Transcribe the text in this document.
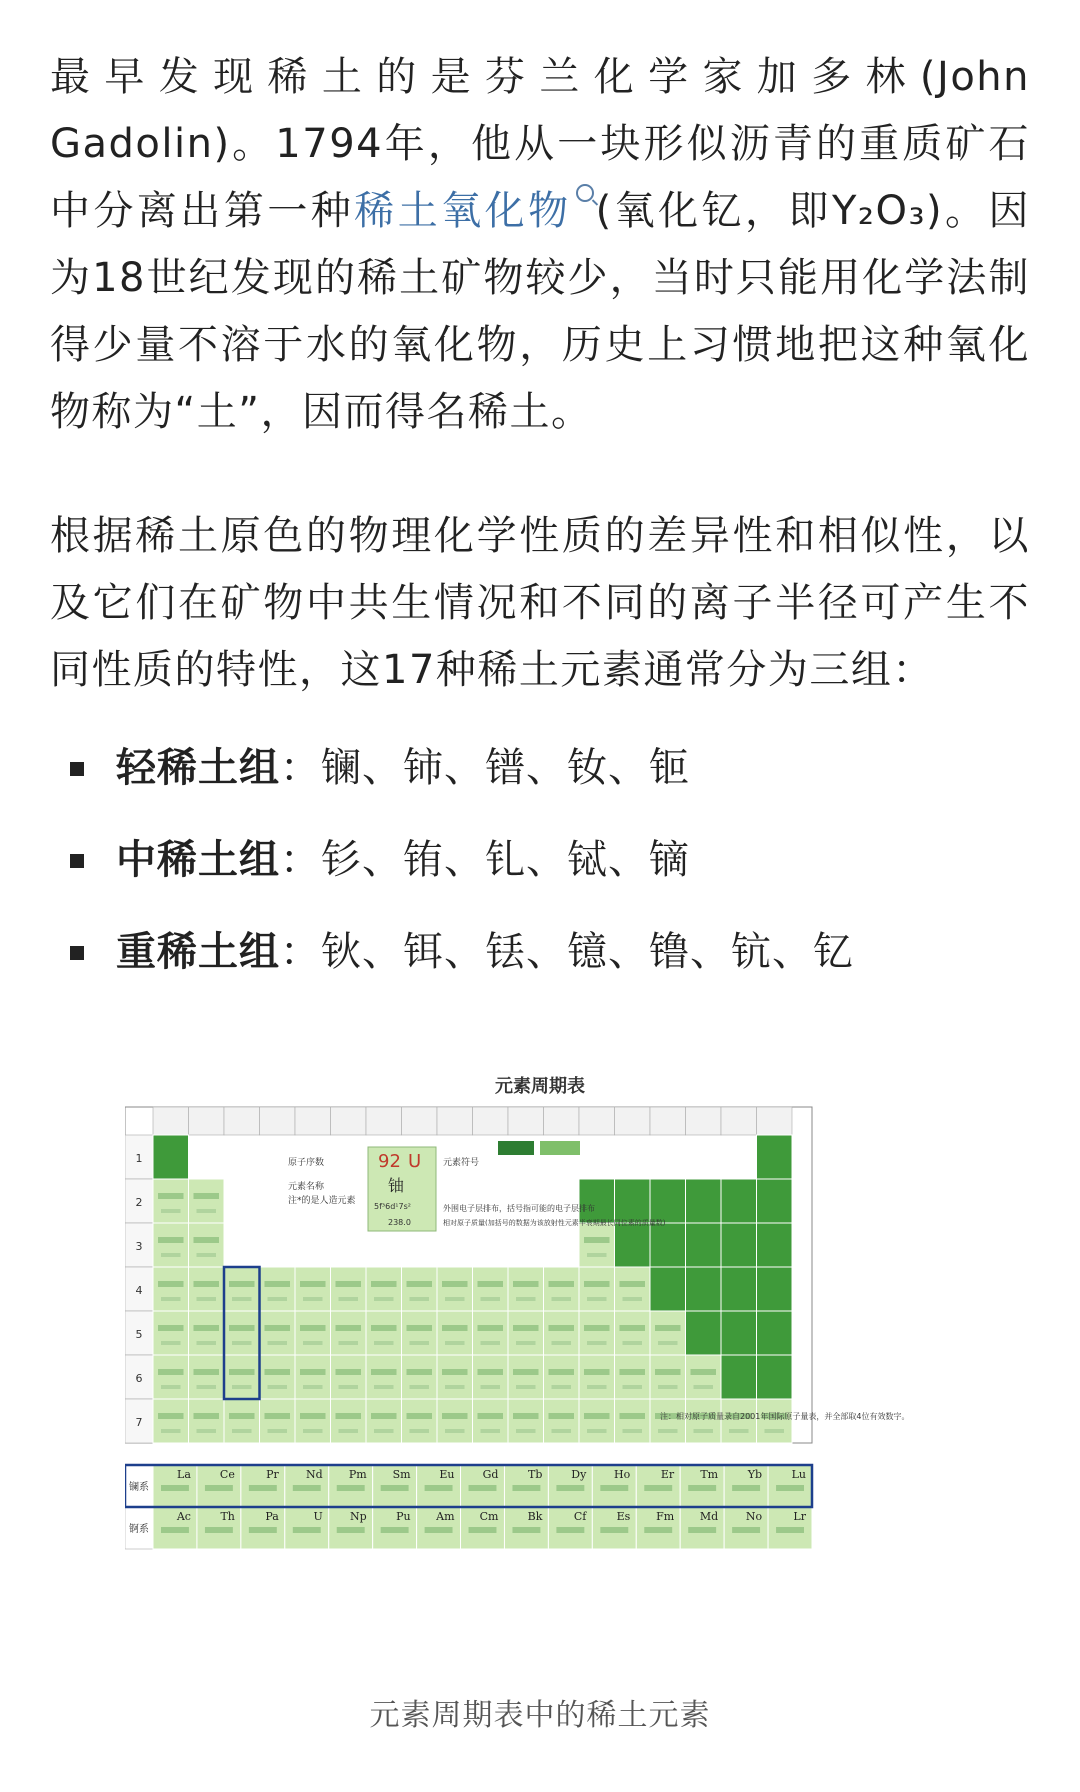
最早发现稀土的是芬兰化学家加多林(John Gadolin)。1794年，他从一块形似沥青的重质矿石中分离出第一种稀土氧化物 (氧化钇，即Y₂O₃)。因为18世纪发现的稀土矿物较少，当时只能用化学法制得少量不溶于水的氧化物，历史上习惯地把这种氧化物称为“土”，因而得名稀土。

根据稀土原色的物理化学性质的差异性和相似性，以及它们在矿物中共生情况和不同的离子半径可产生不同性质的特性，这17种稀土元素通常分为三组：

轻稀土组：镧、铈、镨、钕、钷
中稀土组：钐、铕、钆、铽、镝
重稀土组：钬、铒、铥、镱、镥、钪、钇
元素周期表
1
2
3
4
5
6
7
92 U
铀
5f³6d¹7s²
238.0
原子序数	元素符号
元素名称
注*的是人造元素
外围电子层排布，括号指可能的电子层排布
相对原子质量(加括号的数据为该放射性元素半衰期最长同位素的质量数)
注：相对原子质量录自2001年国际原子量表，并全部取4位有效数字。
镧系
锕系
La	Ce	Pr Nd Pm Sm	Eu	Gd	Tb	Dy	Ho	Er Tm	Yb	Lu
Ac	Th	Pa	U Np	Pu Am Cm	Bk	Cf	Es Fm Md	No	Lr
元素周期表中的稀土元素
